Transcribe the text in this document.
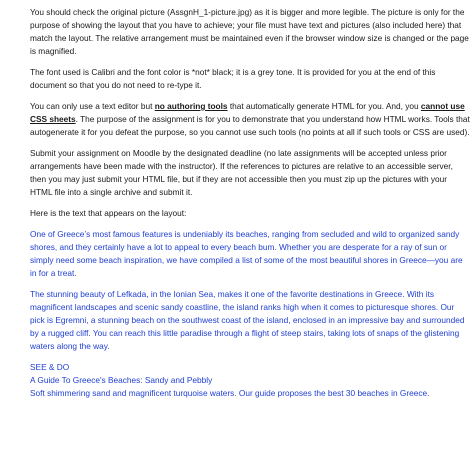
You should check the original picture (AssgnH_1-picture.jpg) as it is bigger and more legible. The picture is only for the purpose of showing the layout that you have to achieve; your file must have text and pictures (also included here) that match the layout. The relative arrangement must be maintained even if the browser window size is changed or the page is magnified.

The font used is Calibri and the font color is *not* black; it is a grey tone. It is provided for you at the end of this document so that you do not need to re-type it.

You can only use a text editor but no authoring tools that automatically generate HTML for you. And, you cannot use CSS sheets. The purpose of the assignment is for you to demonstrate that you understand how HTML works. Tools that autogenerate it for you defeat the purpose, so you cannot use such tools (no points at all if such tools or CSS are used).

Submit your assignment on Moodle by the designated deadline (no late assignments will be accepted unless prior arrangements have been made with the instructor). If the references to pictures are relative to an accessible server, then you may just submit your HTML file, but if they are not accessible then you must zip up the pictures with your HTML file into a single archive and submit it.

Here is the text that appears on the layout:

One of Greece’s most famous features is undeniably its beaches, ranging from secluded and wild to organized sandy shores, and they certainly have a lot to appeal to every beach bum. Whether you are desperate for a ray of sun or simply need some beach inspiration, we have compiled a list of some of the most beautiful shores in Greece—you are in for a treat.

The stunning beauty of Lefkada, in the Ionian Sea, makes it one of the favorite destinations in Greece. With its magnificent landscapes and scenic sandy coastline, the island ranks high when it comes to picturesque shores. Our pick is Egremni, a stunning beach on the southwest coast of the island, enclosed in an impressive bay and surrounded by a rugged cliff. You can reach this little paradise through a flight of steep stairs, taking lots of snaps of the glistening waters along the way.

SEE & DO
A Guide To Greece's Beaches: Sandy and Pebbly
Soft shimmering sand and magnificent turquoise waters. Our guide proposes the best 30 beaches in Greece.
